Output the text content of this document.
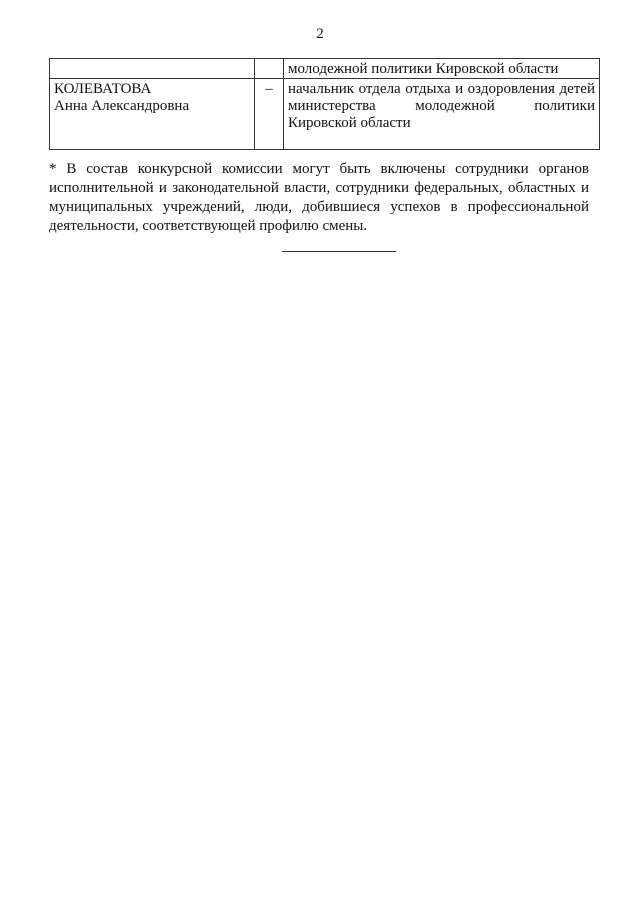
2
		молодежной политики Кировской области

КОЛЕВАТОВА
Анна Александровна	–	начальник отдела отдыха и оздоровления детей министерства молодежной политики Кировской области

* В состав конкурсной комиссии могут быть включены сотрудники органов исполнительной и законодательной власти, сотрудники федеральных, областных и муниципальных учреждений, люди, добившиеся успехов в профессиональной деятельности, соответствующей профилю смены.
